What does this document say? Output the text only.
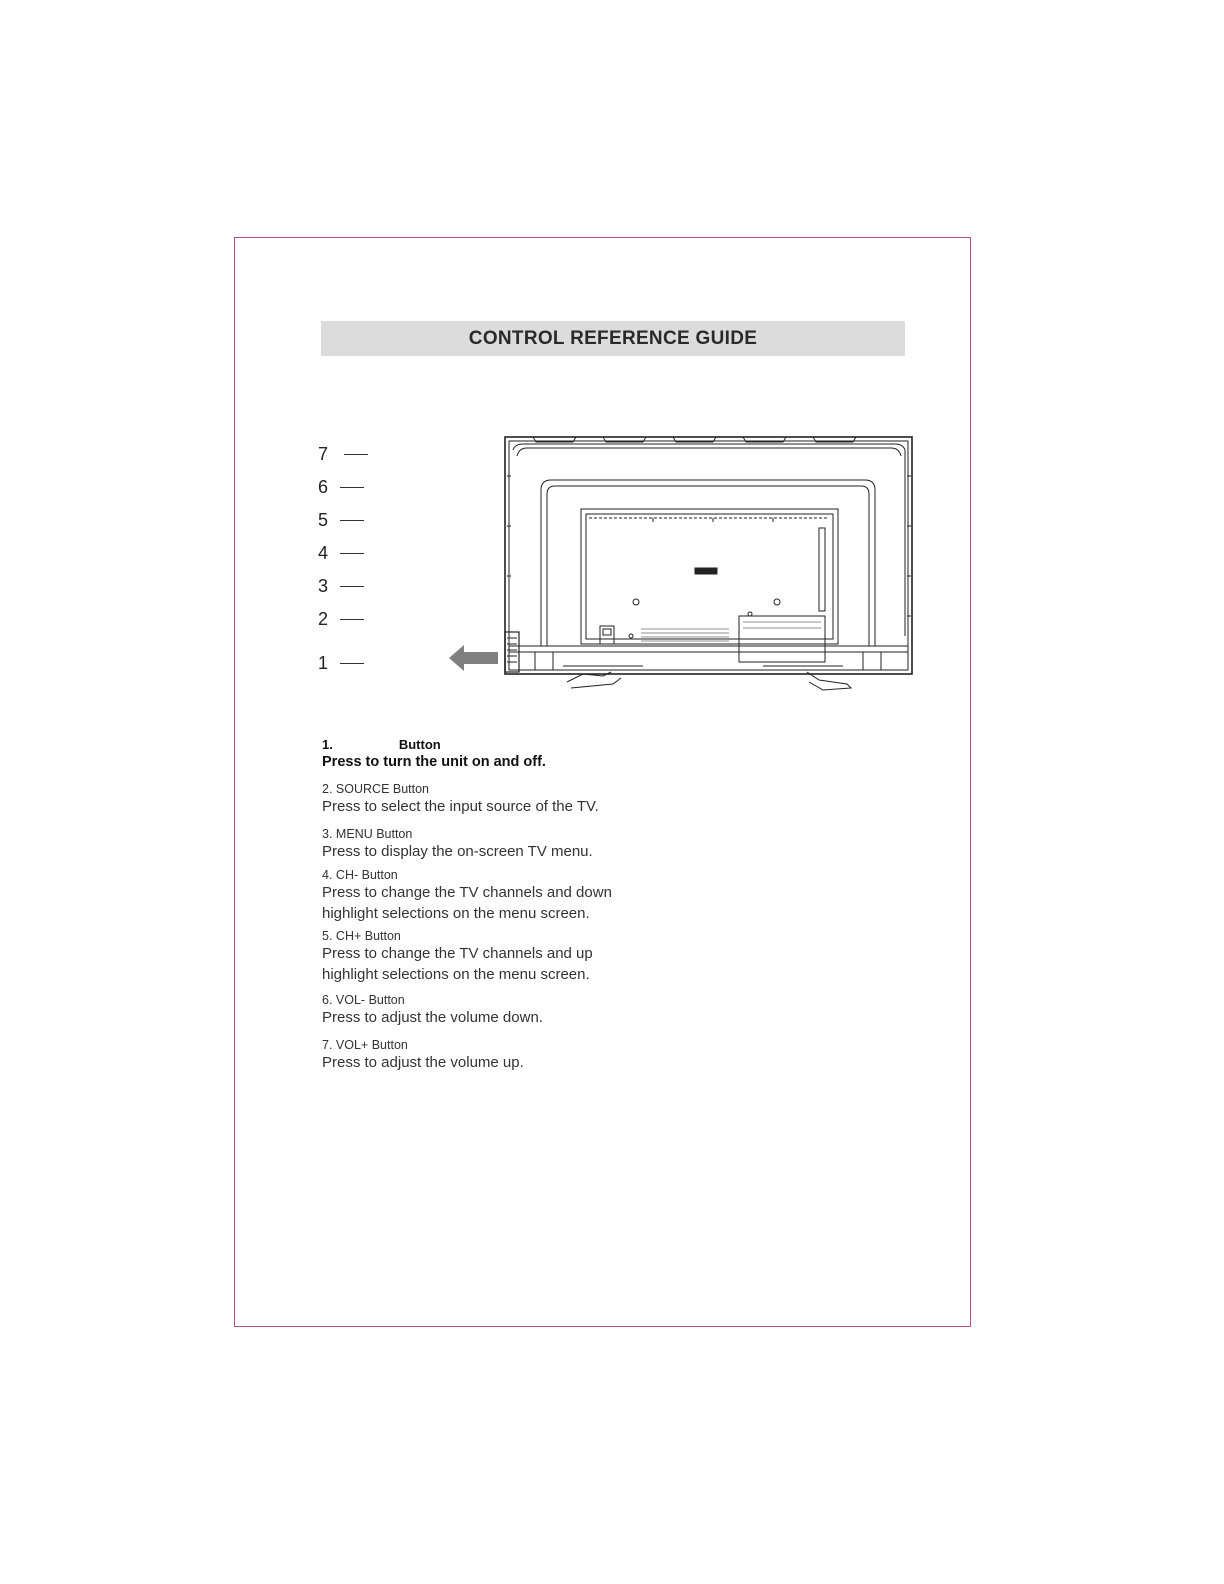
CONTROL REFERENCE GUIDE
7
6
5
4
3
2
1
1.	Button
Press to turn the unit on and off.
2. SOURCE Button
Press to select the input source of the TV.
3. MENU Button
Press to display the on-screen TV menu.
4. CH- Button
Press to change the TV channels and down
highlight selections on the menu screen.
5. CH+ Button
Press to change the TV channels and up
highlight selections on the menu screen.
6. VOL- Button
Press to adjust the volume down.
7. VOL+ Button
Press to adjust the volume up.
